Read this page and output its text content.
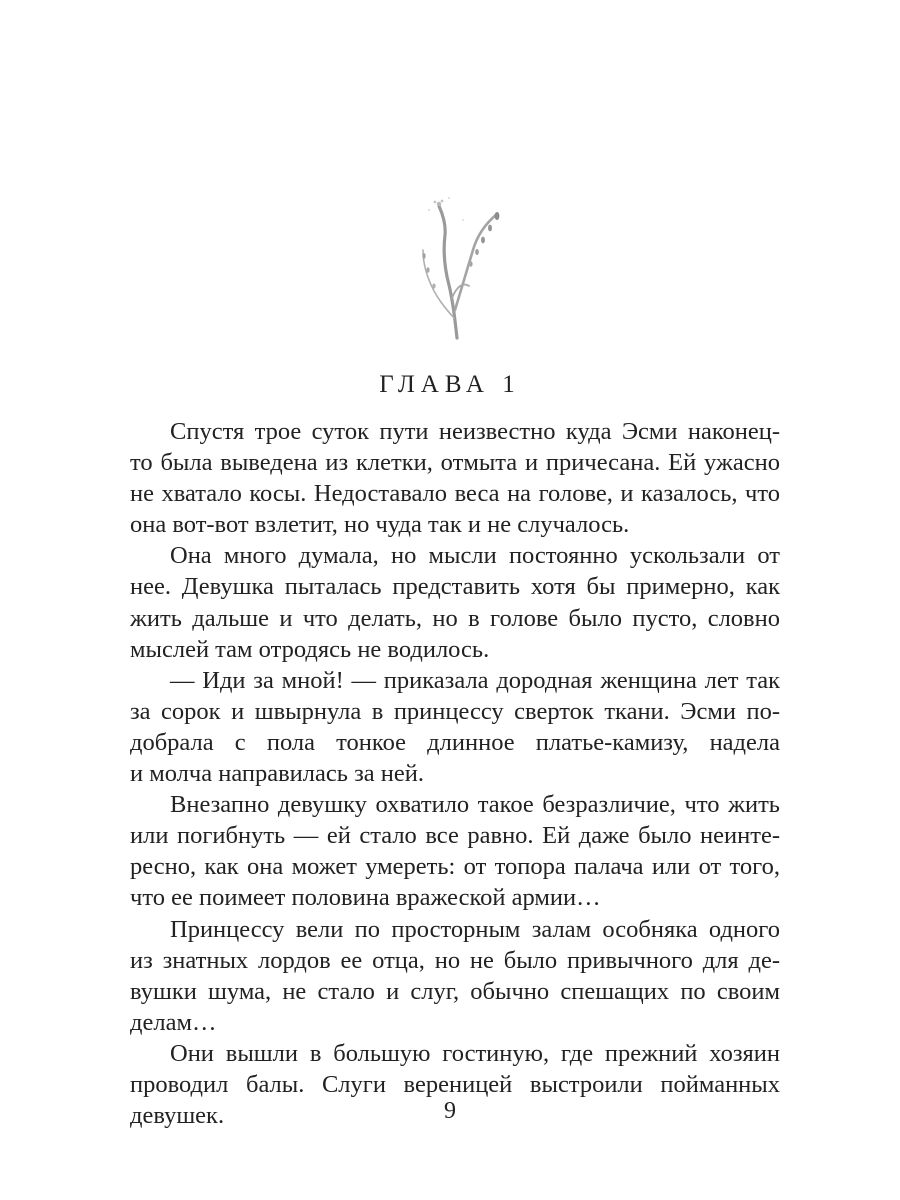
ГЛАВА 1
Спустя трое суток пути неизвестно куда Эсми наконец-
то была выведена из клетки, отмыта и причесана. Ей ужасно
не хватало косы. Недоставало веса на голове, и казалось, что
она вот-вот взлетит, но чуда так и не случалось.
Она много думала, но мысли постоянно ускользали от
нее. Девушка пыталась представить хотя бы примерно, как
жить дальше и что делать, но в голове было пусто, словно
мыслей там отродясь не водилось.
— Иди за мной! — приказала дородная женщина лет так
за сорок и швырнула в принцессу сверток ткани. Эсми по-
добрала с пола тонкое длинное платье-камизу, надела
и молча направилась за ней.
Внезапно девушку охватило такое безразличие, что жить
или погибнуть — ей стало все равно. Ей даже было неинте-
ресно, как она может умереть: от топора палача или от того,
что ее поимеет половина вражеской армии…
Принцессу вели по просторным залам особняка одного
из знатных лордов ее отца, но не было привычного для де-
вушки шума, не стало и слуг, обычно спешащих по своим
делам…
Они вышли в большую гостиную, где прежний хозяин
проводил балы. Слуги вереницей выстроили пойманных
девушек.	9
